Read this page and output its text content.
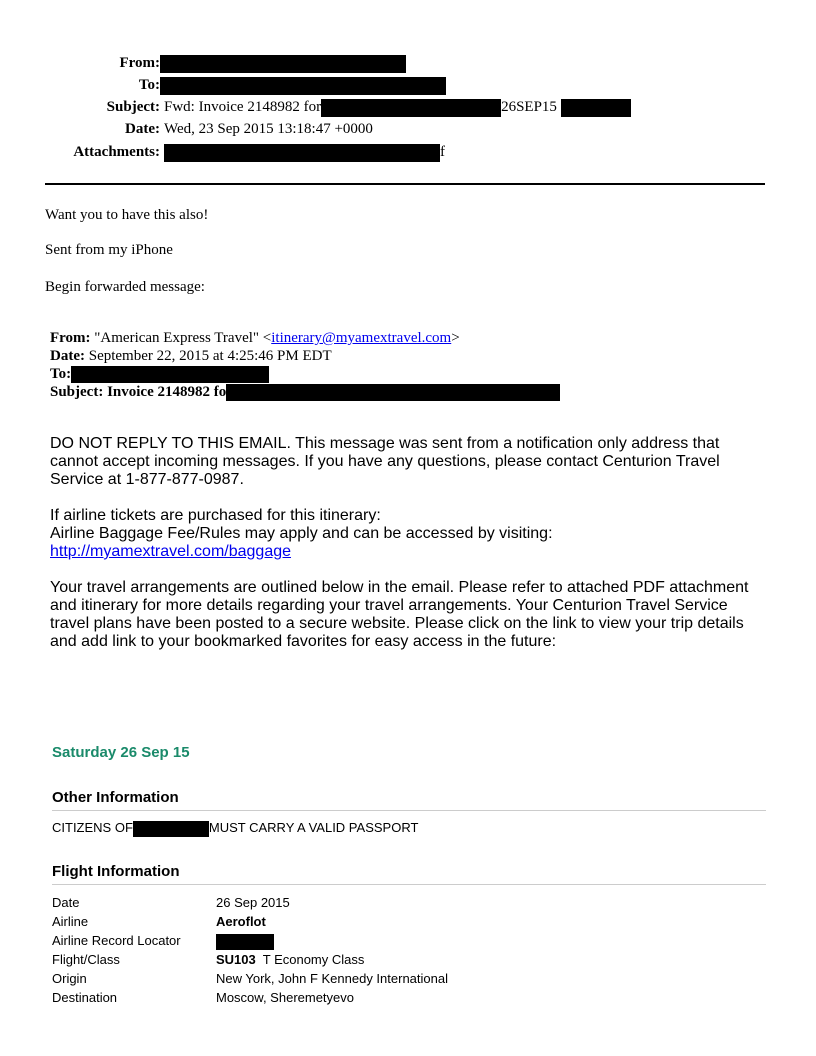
From:
To:
Subject: Fwd: Invoice 2148982 for	26SEP15
Date: Wed, 23 Sep 2015 13:18:47 +0000
Attachments:	f
Want you to have this also!
Sent from my iPhone
Begin forwarded message:
From: "American Express Travel" <itinerary@myamextravel.com>
Date: September 22, 2015 at 4:25:46 PM EDT
To:
Subject: Invoice 2148982 fo
DO NOT REPLY TO THIS EMAIL. This message was sent from a notification only address that cannot accept incoming messages. If you have any questions, please contact Centurion Travel Service at 1-877-877-0987.
If airline tickets are purchased for this itinerary:
Airline Baggage Fee/Rules may apply and can be accessed by visiting:
http://myamextravel.com/baggage
Your travel arrangements are outlined below in the email. Please refer to attached PDF attachment and itinerary for more details regarding your travel arrangements. Your Centurion Travel Service travel plans have been posted to a secure website. Please click on the link to view your trip details and add link to your bookmarked favorites for easy access in the future:
Saturday 26 Sep 15
Other Information
CITIZENS OF	MUST CARRY A VALID PASSPORT
Flight Information
Date	26 Sep 2015
Airline	Aeroflot
Airline Record Locator
Flight/Class	SU103 T Economy Class
Origin	New York, John F Kennedy International
Destination	Moscow, Sheremetyevo
